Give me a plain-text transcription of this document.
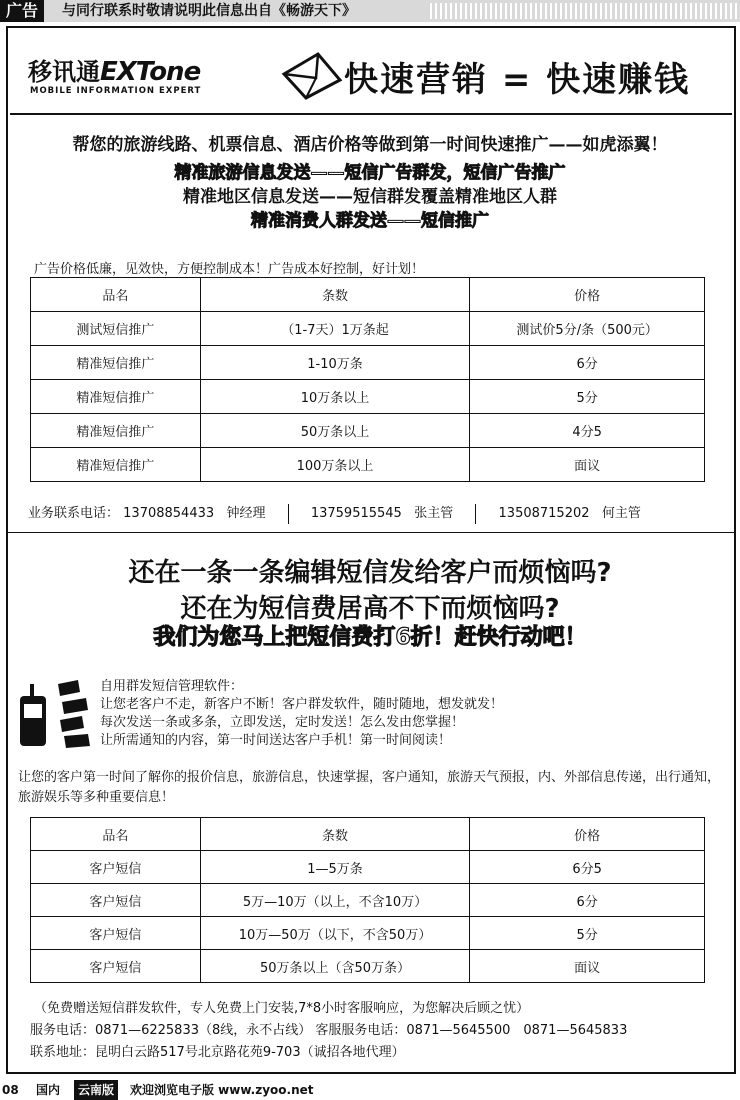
广告	与同行联系时敬请说明此信息出自《畅游天下》
移讯通EXTone
MOBILE INFORMATION EXPERT	快速营销 = 快速赚钱
帮您的旅游线路、机票信息、酒店价格等做到第一时间快速推广——如虎添翼！
精准旅游信息发送——短信广告群发，短信广告推广
精准地区信息发送——短信群发覆盖精准地区人群
精准消费人群发送——短信推广
广告价格低廉，见效快，方便控制成本！广告成本好控制，好计划！
品名	条数	价格
测试短信推广	（1-7天）1万条起	测试价5分/条（500元）
精准短信推广	1-10万条	6分
精准短信推广	10万条以上	5分
精准短信推广	50万条以上	4分5
精准短信推广	100万条以上	面议
业务联系电话： 13708854433 钟经理	13759515545 张主管	13508715202 何主管
还在一条一条编辑短信发给客户而烦恼吗?
还在为短信费居高不下而烦恼吗?
我们为您马上把短信费打6折！赶快行动吧！
自用群发短信管理软件：
让您老客户不走，新客户不断！客户群发软件，随时随地，想发就发！
每次发送一条或多条，立即发送，定时发送！怎么发由您掌握！
让所需通知的内容，第一时间送达客户手机！第一时间阅读！
让您的客户第一时间了解你的报价信息，旅游信息，快速掌握，客户通知，旅游天气预报，内、外部信息传递，出行通知，旅游娱乐等多种重要信息！
品名	条数	价格
客户短信	1—5万条	6分5
客户短信	5万—10万（以上，不含10万）	6分
客户短信	10万—50万（以下，不含50万）	5分
客户短信	50万条以上（含50万条）	面议
（免费赠送短信群发软件，专人免费上门安装,7*8小时客服响应，为您解决后顾之忧）
服务电话：0871—6225833（8线，永不占线） 客服服务电话：0871—5645500　0871—5645833
联系地址：昆明白云路517号北京路花苑9-703（诚招各地代理）
08 国内	云南版	欢迎浏览电子版 www.zyoo.net
